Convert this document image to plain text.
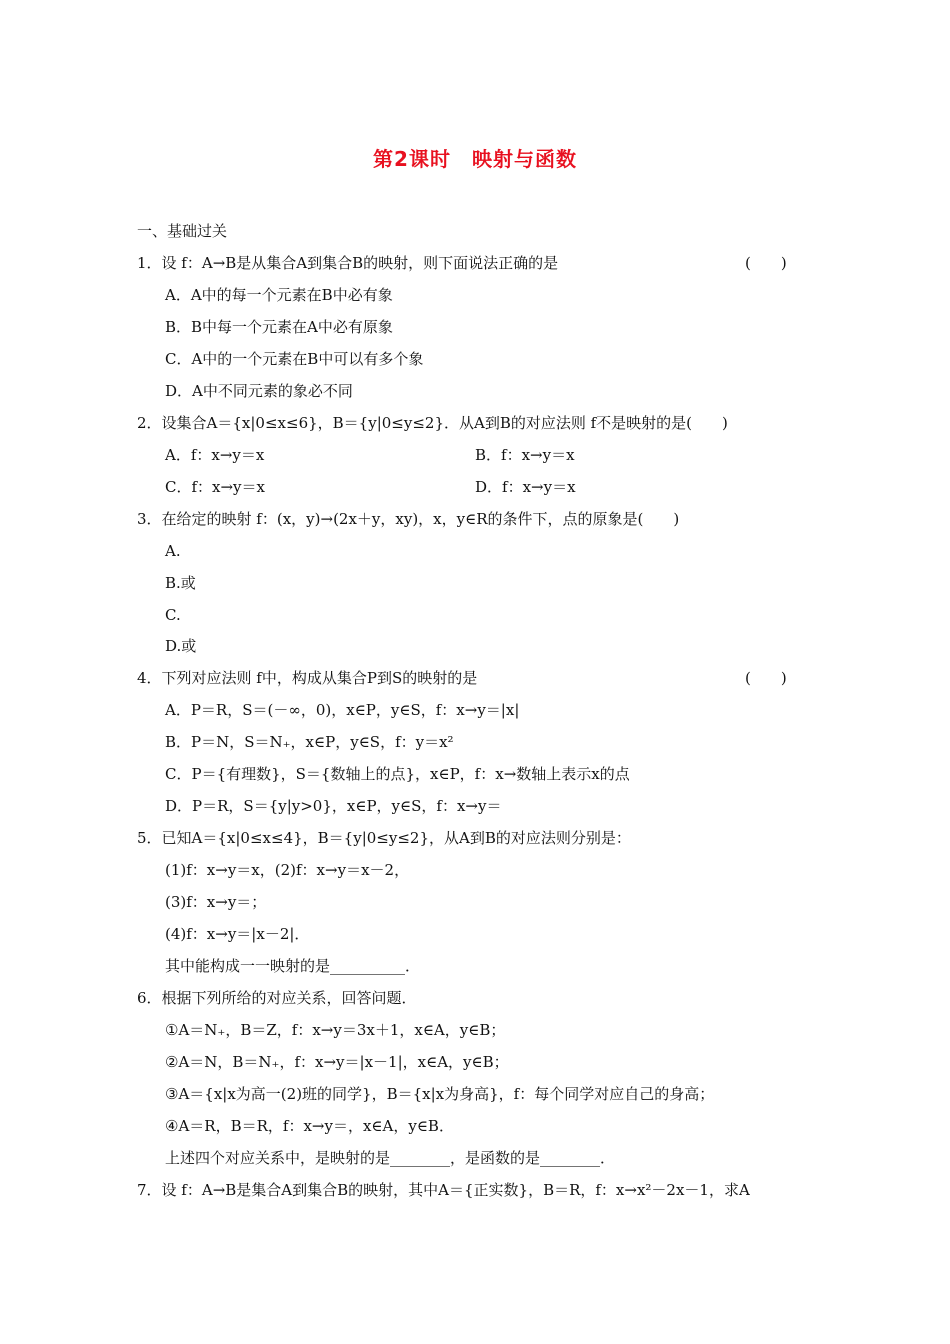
第2课时　映射与函数
一、基础过关
1．设 f：A→B是从集合A到集合B的映射，则下面说法正确的是	(　　)
A．A中的每一个元素在B中必有象
B．B中每一个元素在A中必有原象
C．A中的一个元素在B中可以有多个象
D．A中不同元素的象必不同
2．设集合A＝{x|0≤x≤6}，B＝{y|0≤y≤2}．从A到B的对应法则 f不是映射的是(　　)
A．f：x→y＝x	B．f：x→y＝x
C．f：x→y＝x	D．f：x→y＝x
3．在给定的映射 f：(x，y)→(2x＋y，xy)，x，y∈R的条件下，点的原象是(　　)
A.
B.或
C.
D.或
4．下列对应法则 f中，构成从集合P到S的映射的是	(　　)
A．P＝R，S＝(－∞，0)，x∈P，y∈S，f：x→y＝|x|
B．P＝N，S＝N₊，x∈P，y∈S，f：y＝x²
C．P＝{有理数}，S＝{数轴上的点}，x∈P，f：x→数轴上表示x的点
D．P＝R，S＝{y|y>0}，x∈P，y∈S，f：x→y＝
5．已知A＝{x|0≤x≤4}，B＝{y|0≤y≤2}，从A到B的对应法则分别是：
(1)f：x→y＝x，(2)f：x→y＝x－2，
(3)f：x→y＝；
(4)f：x→y＝|x－2|．
其中能构成一一映射的是__________．
6．根据下列所给的对应关系，回答问题．
①A＝N₊，B＝Z，f：x→y＝3x＋1，x∈A，y∈B；
②A＝N，B＝N₊，f：x→y＝|x－1|，x∈A，y∈B；
③A＝{x|x为高一(2)班的同学}，B＝{x|x为身高}，f：每个同学对应自己的身高；
④A＝R，B＝R，f：x→y＝，x∈A，y∈B．
上述四个对应关系中，是映射的是________，是函数的是________．
7．设 f：A→B是集合A到集合B的映射，其中A＝{正实数}，B＝R，f：x→x²－2x－1，求A
